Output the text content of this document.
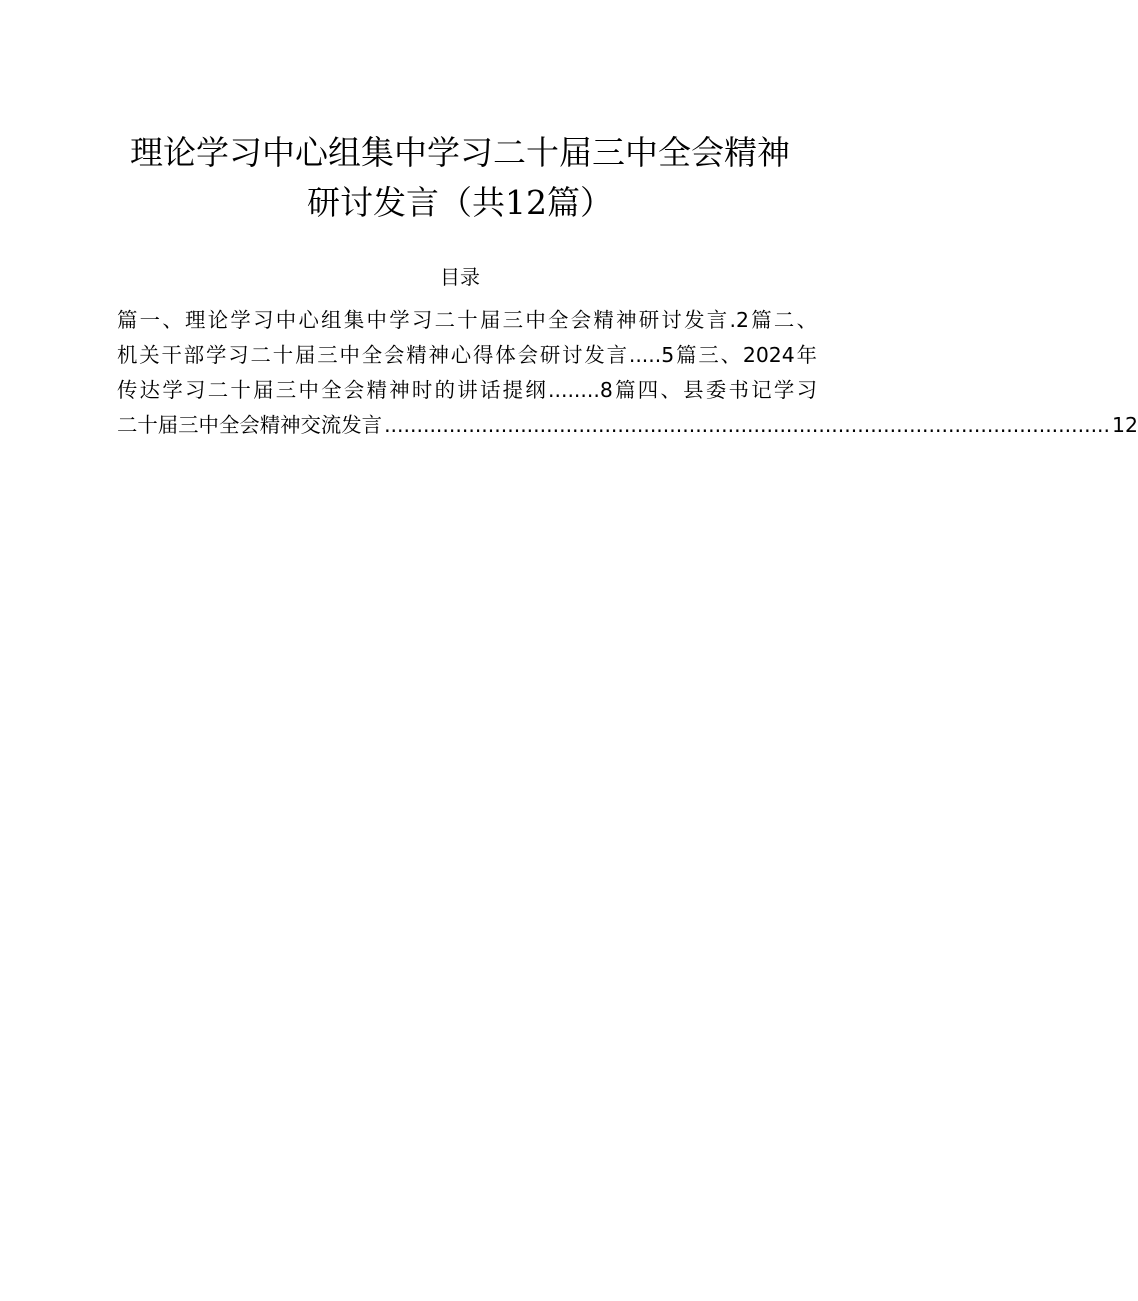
理论学习中心组集中学习二十届三中全会精神
研讨发言（共12篇）
目录
篇一、理论学习中心组集中学习二十届三中全会精神研讨发言.2篇二、
机关干部学习二十届三中全会精神心得体会研讨发言.....5篇三、2024年
传达学习二十届三中全会精神时的讲话提纲........8篇四、县委书记学习
二十届三中全会精神交流发言 ................................................................................................................ 12
